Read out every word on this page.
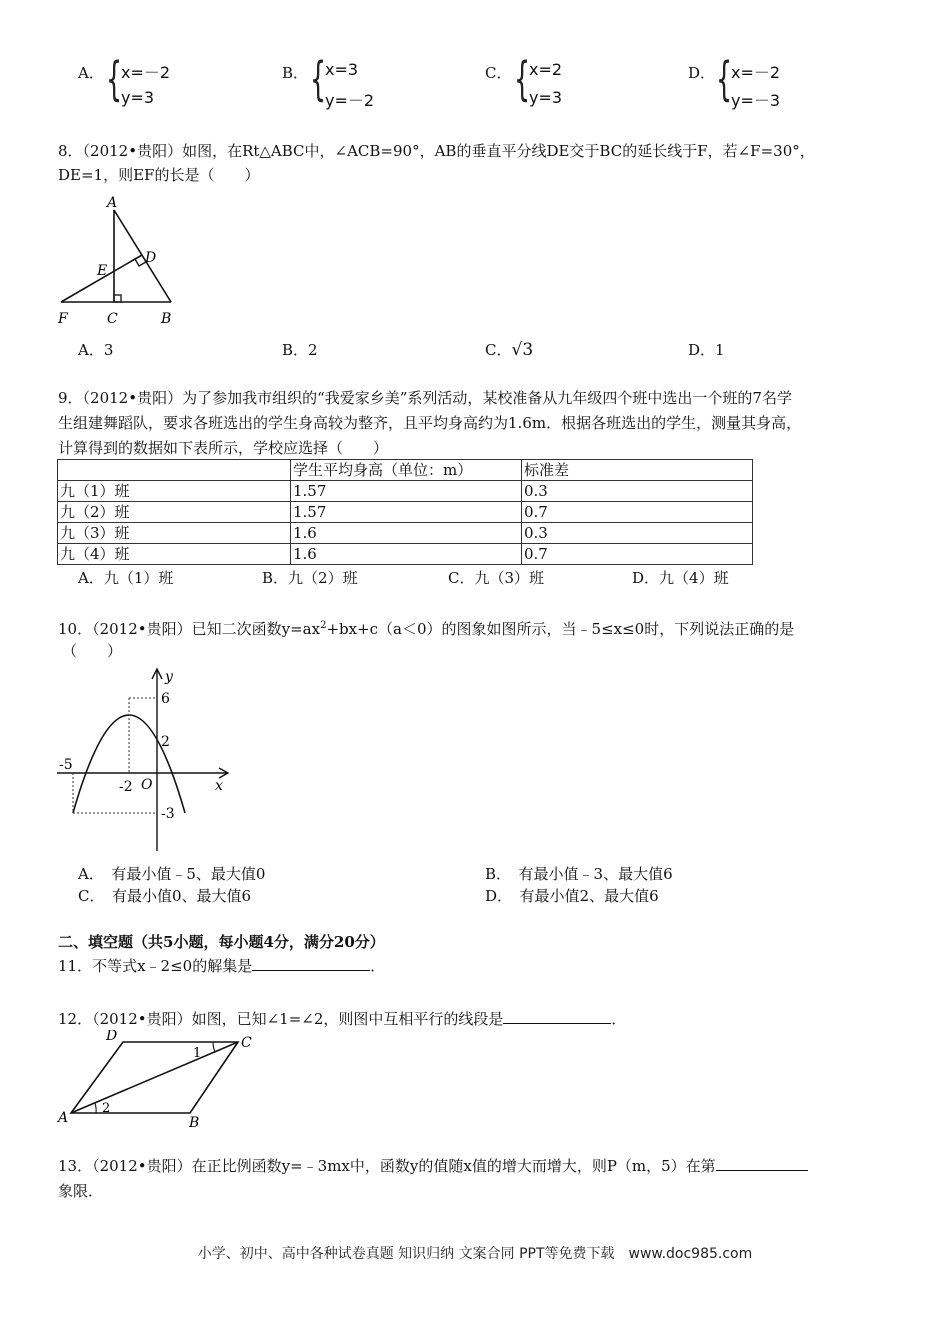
A． {
x=－2
y=3
B． {
x=3
y=－2
C． {
x=2
y=3
D． {
x=－2
y=－3
8．（2012•贵阳）如图，在Rt△ABC中，∠ACB=90°，AB的垂直平分线DE交于BC的延长线于F，若∠F=30°，
DE=1，则EF的长是（　　）
A
D
E
F	C	B
A．3	B．2	C．√3	D．1
9．（2012•贵阳）为了参加我市组织的“我爱家乡美”系列活动，某校准备从九年级四个班中选出一个班的7名学
生组建舞蹈队，要求各班选出的学生身高较为整齐，且平均身高约为1.6m．根据各班选出的学生，测量其身高，
计算得到的数据如下表所示，学校应选择（　　）
	学生平均身高（单位：m）	标准差
九（1）班	1.57	0.3
九（2）班	1.57	0.7
九（3）班	1.6	0.3
九（4）班	1.6	0.7
A．九（1）班	B．九（2）班	C．九（3）班	D．九（4）班
10．（2012•贵阳）已知二次函数$y=ax^2+bx+c(a<0)$的图象如图所示，当﹣5≤x≤0时，下列说法正确的是
（　　）
y
x
6
2
-5
-2 O
-3
A．　有最小值﹣5、最大值0	B．　有最小值﹣3、最大值6
C．　有最小值0、最大值6	D．　有最小值2、最大值6
二、填空题（共5小题，每小题4分，满分20分）
11．不等式x﹣2≤0的解集是	．
12．（2012•贵阳）如图，已知∠1=∠2，则图中互相平行的线段是	．
D	C
A	B
1
2
13．（2012•贵阳）在正比例函数y=﹣3mx中，函数y的值随x值的增大而增大，则P（m，5）在第
象限．
小学、初中、高中各种试卷真题 知识归纳 文案合同 PPT等免费下载　www.doc985.com
